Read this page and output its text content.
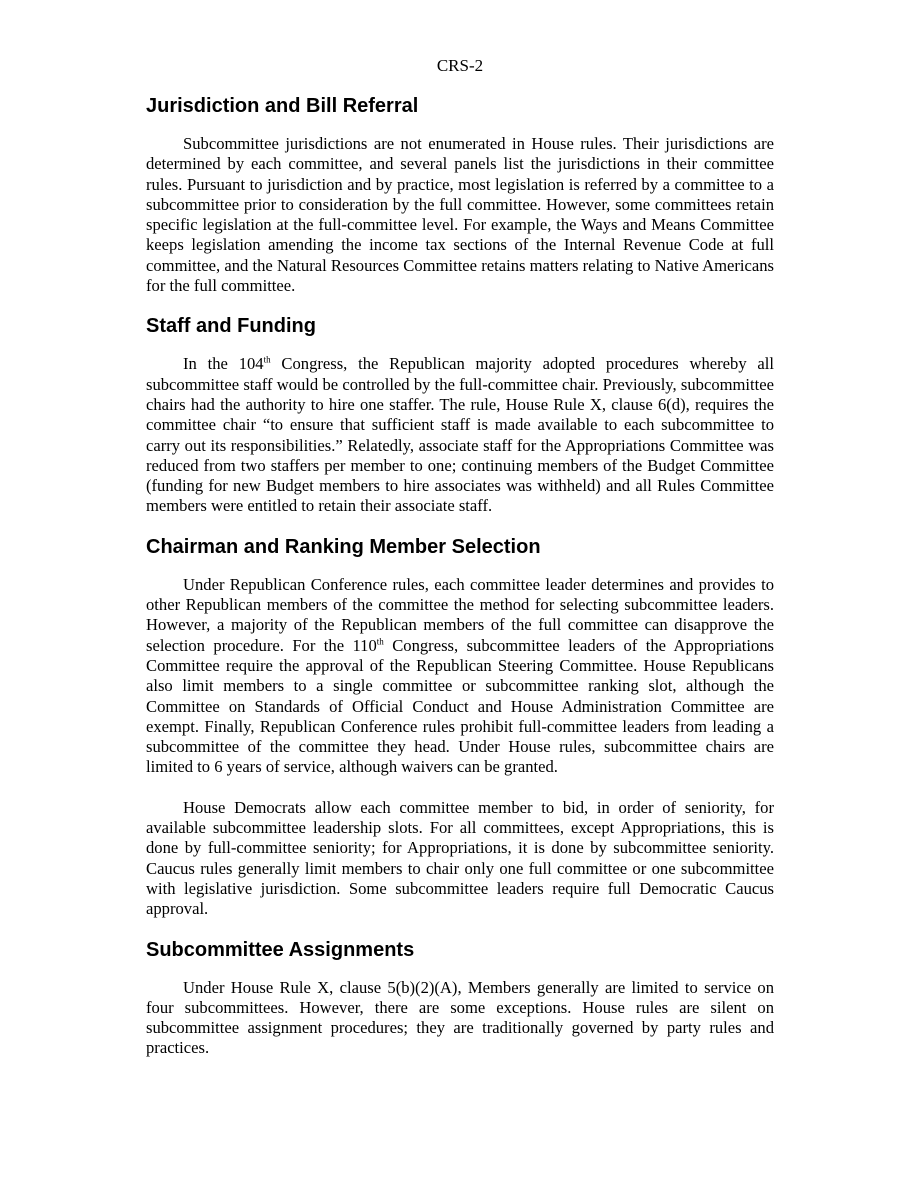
CRS-2
Jurisdiction and Bill Referral

Subcommittee jurisdictions are not enumerated in House rules. Their jurisdictions are determined by each committee, and several panels list the jurisdictions in their committee rules. Pursuant to jurisdiction and by practice, most legislation is referred by a committee to a subcommittee prior to consideration by the full committee. However, some committees retain specific legislation at the full-committee level. For example, the Ways and Means Committee keeps legislation amending the income tax sections of the Internal Revenue Code at full committee, and the Natural Resources Committee retains matters relating to Native Americans for the full committee.

Staff and Funding

In the 104th Congress, the Republican majority adopted procedures whereby all subcommittee staff would be controlled by the full-committee chair. Previously, subcommittee chairs had the authority to hire one staffer. The rule, House Rule X, clause 6(d), requires the committee chair “to ensure that sufficient staff is made available to each subcommittee to carry out its responsibilities.” Relatedly, associate staff for the Appropriations Committee was reduced from two staffers per member to one; continuing members of the Budget Committee (funding for new Budget members to hire associates was withheld) and all Rules Committee members were entitled to retain their associate staff.

Chairman and Ranking Member Selection

Under Republican Conference rules, each committee leader determines and provides to other Republican members of the committee the method for selecting subcommittee leaders. However, a majority of the Republican members of the full committee can disapprove the selection procedure. For the 110th Congress, subcommittee leaders of the Appropriations Committee require the approval of the Republican Steering Committee. House Republicans also limit members to a single committee or subcommittee ranking slot, although the Committee on Standards of Official Conduct and House Administration Committee are exempt. Finally, Republican Conference rules prohibit full-committee leaders from leading a subcommittee of the committee they head. Under House rules, subcommittee chairs are limited to 6 years of service, although waivers can be granted.

House Democrats allow each committee member to bid, in order of seniority, for available subcommittee leadership slots. For all committees, except Appropriations, this is done by full-committee seniority; for Appropriations, it is done by subcommittee seniority. Caucus rules generally limit members to chair only one full committee or one subcommittee with legislative jurisdiction. Some subcommittee leaders require full Democratic Caucus approval.

Subcommittee Assignments

Under House Rule X, clause 5(b)(2)(A), Members generally are limited to service on four subcommittees. However, there are some exceptions. House rules are silent on subcommittee assignment procedures; they are traditionally governed by party rules and practices.
